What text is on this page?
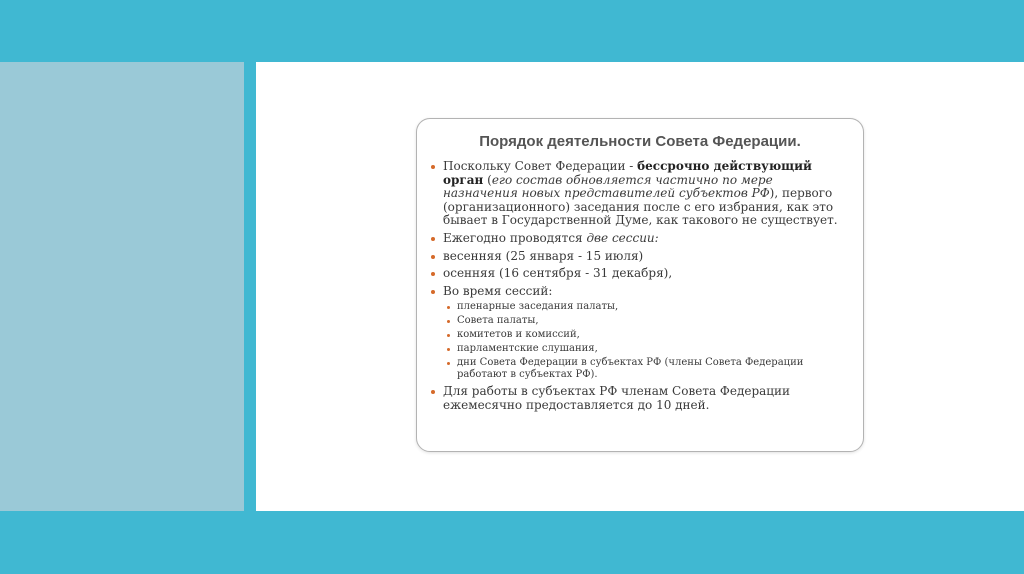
Порядок деятельности Совета Федерации.
Поскольку Совет Федерации - бессрочно действующий орган (его состав обновляется частично по мере назначения новых представителей субъектов РФ), первого (организационного) заседания после с его избрания, как это бывает в Государственной Думе, как такового не существует.
Ежегодно проводятся две сессии:
весенняя (25 января - 15 июля)
осенняя (16 сентября - 31 декабря),
Во время сессий:
пленарные заседания палаты,
Совета палаты,
комитетов и комиссий,
парламентские слушания,
дни Совета Федерации в субъектах РФ (члены Совета Федерации работают в субъектах РФ).
Для работы в субъектах РФ членам Совета Федерации ежемесячно предоставляется до 10 дней.
